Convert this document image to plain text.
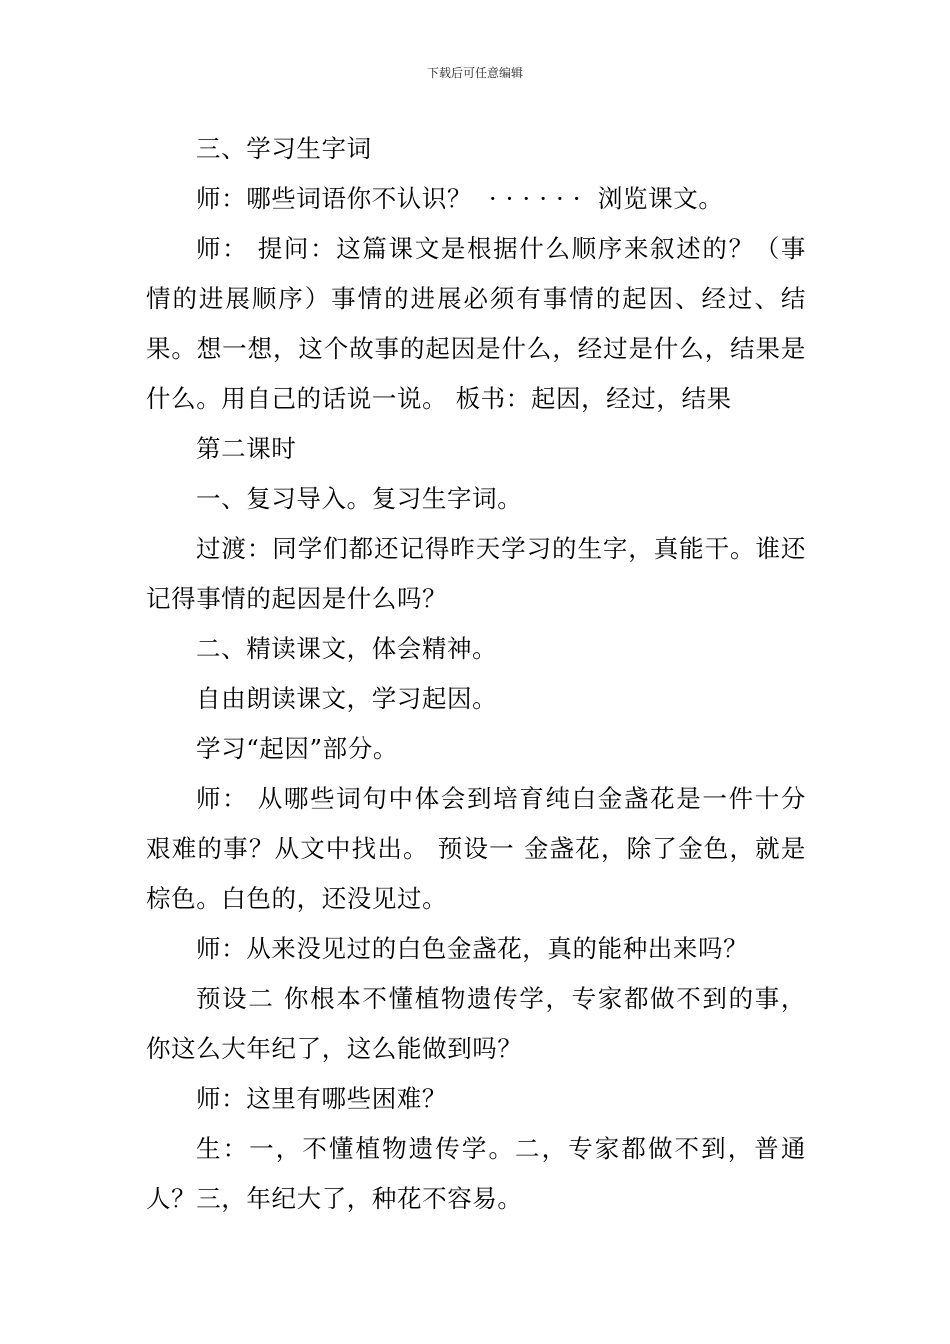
下载后可任意编辑

三、学习生字词

师：哪些词语你不认识？  · · · · · ·  浏览课文。

师： 提问：这篇课文是根据什么顺序来叙述的？（事情的进展顺序）事情的进展必须有事情的起因、经过、结果。想一想，这个故事的起因是什么，经过是什么，结果是什么。用自己的话说一说。 板书：起因，经过，结果

第二课时

一、复习导入。复习生字词。

过渡：同学们都还记得昨天学习的生字，真能干。谁还记得事情的起因是什么吗？

二、精读课文，体会精神。

自由朗读课文，学习起因。

学习“起因”部分。

师： 从哪些词句中体会到培育纯白金盏花是一件十分艰难的事？从文中找出。 预设一 金盏花，除了金色，就是棕色。白色的，还没见过。

师：从来没见过的白色金盏花，真的能种出来吗？

预设二 你根本不懂植物遗传学，专家都做不到的事，你这么大年纪了，这么能做到吗？

师：这里有哪些困难？

生：一，不懂植物遗传学。二，专家都做不到，普通人？三，年纪大了，种花不容易。
